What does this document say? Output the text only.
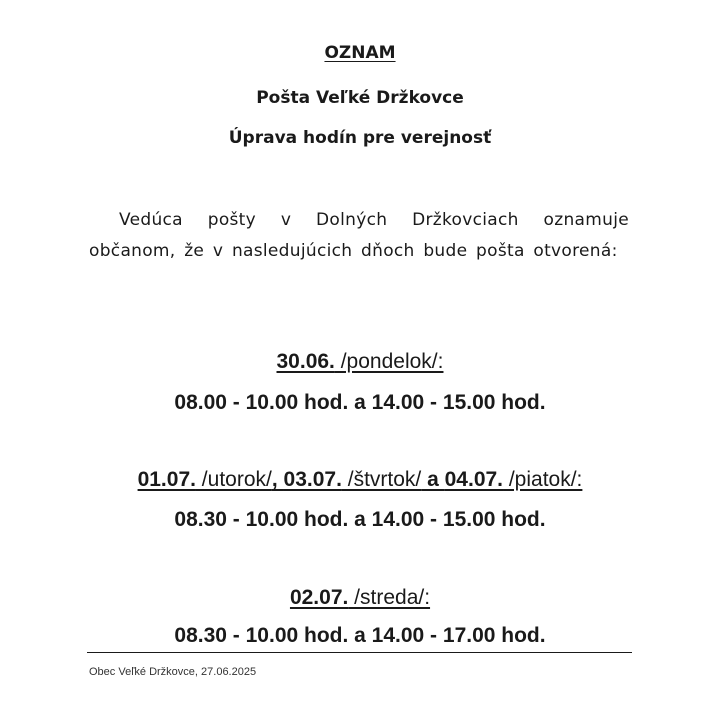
OZNAM
Pošta Veľké Držkovce
Úprava hodín pre verejnosť
Vedúca pošty v Dolných Držkovciach oznamuje občanom, že v nasledujúcich dňoch bude pošta otvorená:
30.06. /pondelok/:
08.00 - 10.00 hod. a 14.00 - 15.00 hod.
01.07. /utorok/, 03.07. /štvrtok/ a 04.07. /piatok/:
08.30 - 10.00 hod. a 14.00 - 15.00 hod.
02.07. /streda/:
08.30 - 10.00 hod. a 14.00 - 17.00 hod.
Obec Veľké Držkovce, 27.06.2025
